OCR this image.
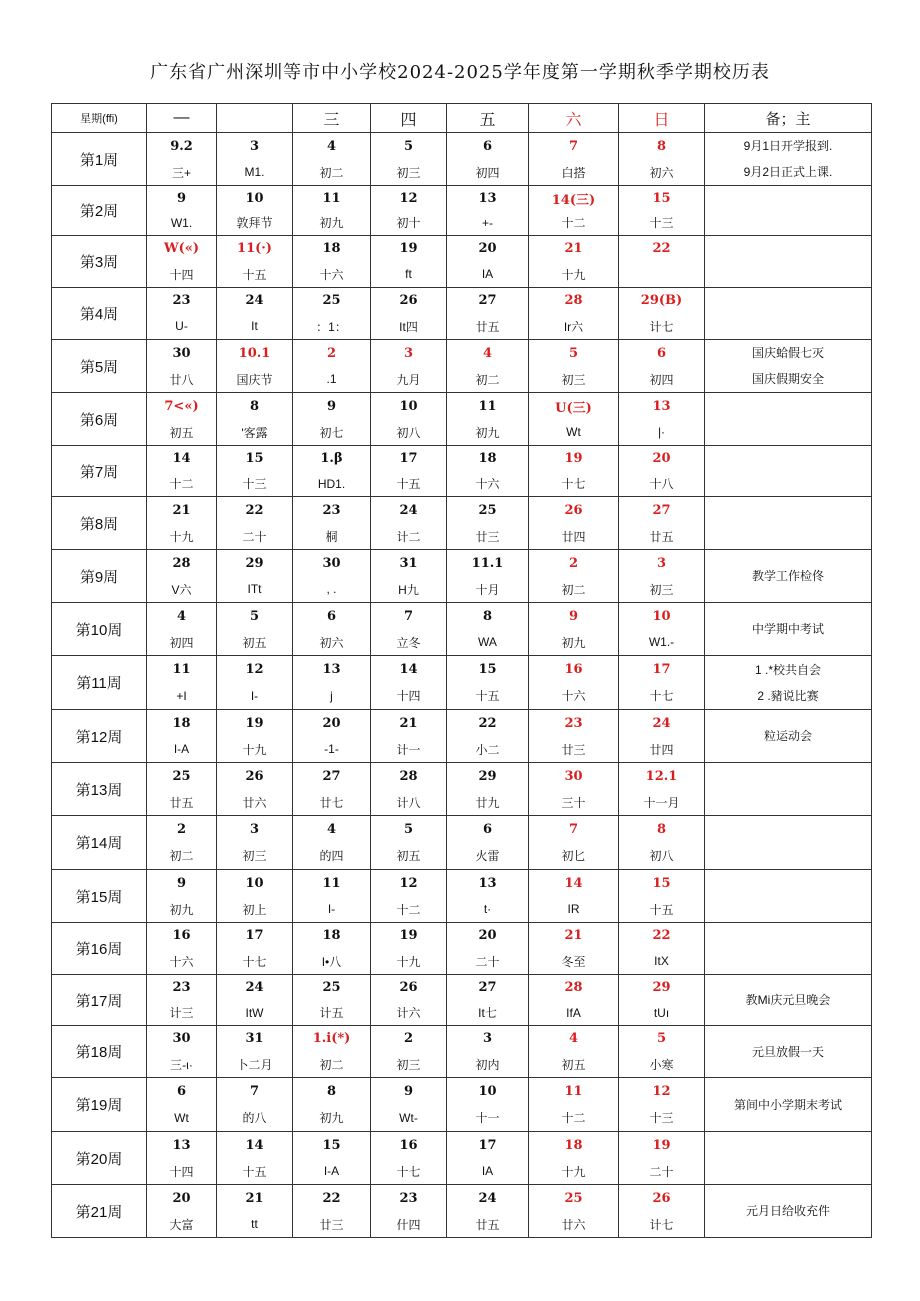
广东省广州深圳等市中小学校2024-2025学年度第一学期秋季学期校历表
星期(ffi)	—		三	四	五	六	日	备；主
第1周	9.2	3	4	5	6	7	8	9月1日开学报到.
9月2日正式上课.

	三+	M1.	初二	初三	初四	白搭	初六	
第2周	9	10	11	12	13	14(三)	15	
	W1.	敦拜节	初九	初十	+-	十二	十三	
第3周	W(«)	11(·)	18	19	20	21	22	
	十四	十五	十六	ft	IA	十九		
第4周	23	24	25	26	27	28	29(B)	
	U-	It	：1：	It四	廿五	Ir六	计七	
第5周	30	10.1	2	3	4	5	6	国庆蛤假七灭
国庆假期安全

	廿八	国庆节	.1	九月	初二	初三	初四	
第6周	7<«)	8	9	10	11	U(三)	13	
	初五	'客露	初七	初八	初九	Wt	|·	
第7周	14	15	1.β	17	18	19	20	
	十二	十三	HD1.	十五	十六	十七	十八	
第8周	21	22	23	24	25	26	27	
	十九	二十	桐	计二	廿三	廿四	廿五	
第9周	28	29	30	31	11.1	2	3	教学工作检佟

	V六	ITt	, .	H九	十月	初二	初三	
第10周	4	5	6	7	8	9	10	中学期中考试

	初四	初五	初六	立冬	WA	初九	W1.-	
第11周	11	12	13	14	15	16	17	1 .*校共自会
2 .豬说比赛

	+I	I-	j	十四	十五	十六	十七	
第12周	18	19	20	21	22	23	24	粒运动会

	I-A	十九	-1-	计一	小二	廿三	廿四	
第13周	25	26	27	28	29	30	12.1	
	廿五	廿六	廿七	计八	廿九	三十	十一月	
第14周	2	3	4	5	6	7	8	
	初二	初三	的四	初五	火雷	初匕	初八	
第15周	9	10	11	12	13	14	15	
	初九	初上	I-	十二	t·	IR	十五	
第16周	16	17	18	19	20	21	22	
	十六	十七	I•八	十九	二十	冬至	ItX	
第17周	23	24	25	26	27	28	29	教Mi庆元旦晚会

	计三	ItW	计五	计六	It七	IfA	tUı	
第18周	30	31	1.i(*)	2	3	4	5	元旦放假一天

	三-ι·	卜二月	初二	初三	初内	初五	小寒	
第19周	6	7	8	9	10	11	12	第间中小学期末考试

	Wt	的八	初九	Wt-	十一	十二	十三	
第20周	13	14	15	16	17	18	19	
	十四	十五	I-A	十七	IA	十九	二十	
第21周	20	21	22	23	24	25	26	元月日给收充件

	大富	tt	廿三	什四	廿五	廿六	计七	
